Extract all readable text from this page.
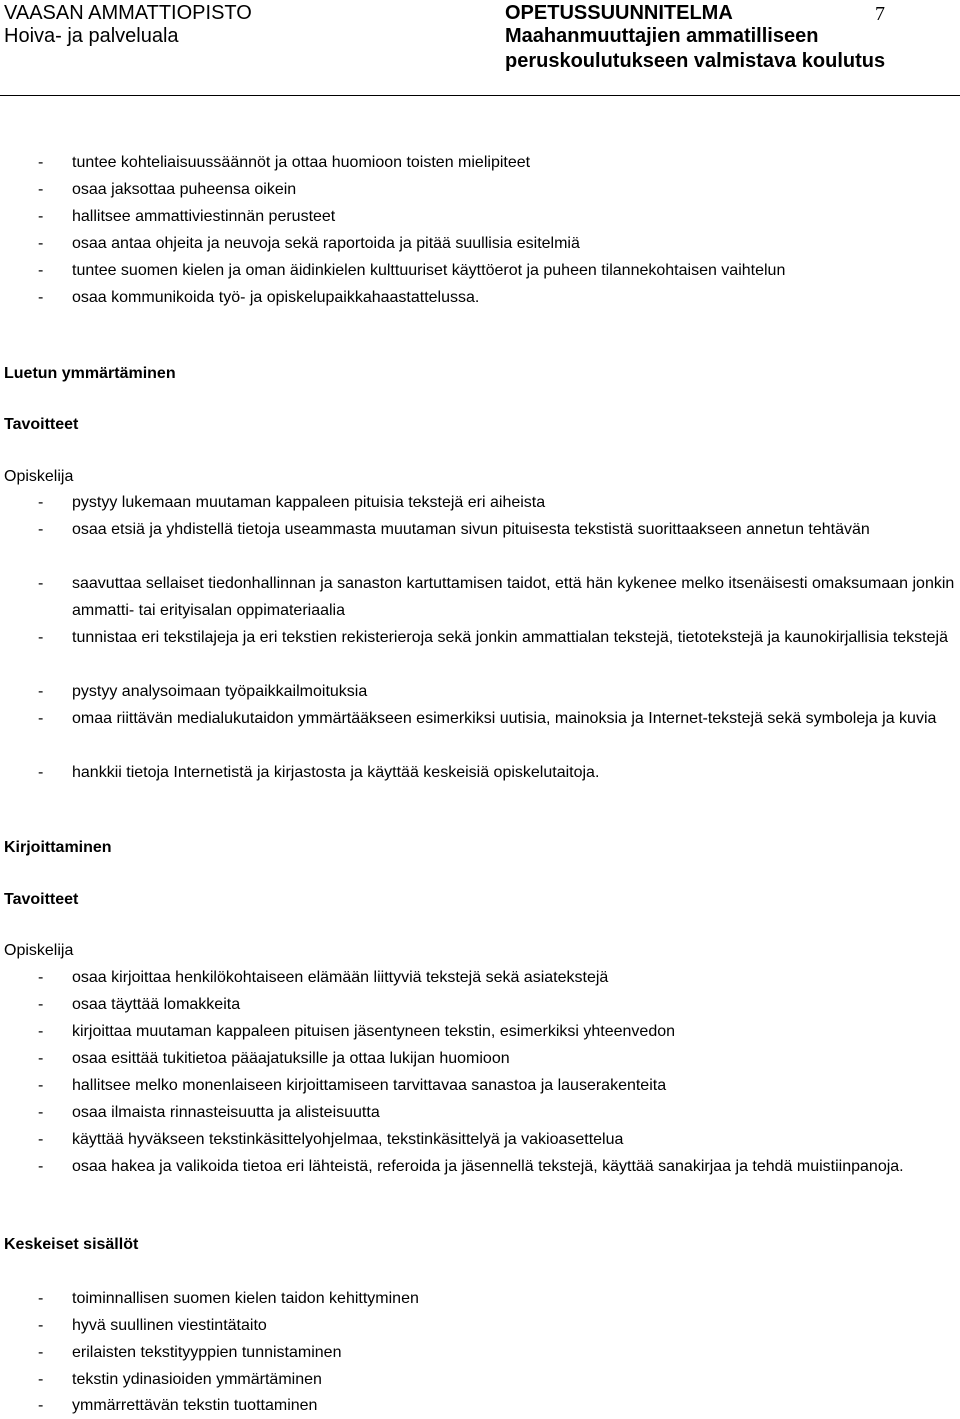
VAASAN AMMATTIOPISTO
Hoiva- ja palveluala
OPETUSSUUNNITELMA
Maahanmuuttajien ammatilliseen
peruskoulutukseen valmistava koulutus
7
- tuntee kohteliaisuussäännöt ja ottaa huomioon toisten mielipiteet
- osaa jaksottaa puheensa oikein
- hallitsee ammattiviestinnän perusteet
- osaa antaa ohjeita ja neuvoja sekä raportoida ja pitää suullisia esitelmiä
- tuntee suomen kielen ja oman äidinkielen kulttuuriset käyttöerot ja puheen tilannekohtaisen vaihtelun
- osaa kommunikoida työ- ja opiskelupaikkahaastattelussa.
Luetun ymmärtäminen
Tavoitteet
Opiskelija
- pystyy lukemaan muutaman kappaleen pituisia tekstejä eri aiheista
- osaa etsiä ja yhdistellä tietoja useammasta muutaman sivun pituisesta tekstistä suorittaakseen annetun tehtävän
- saavuttaa sellaiset tiedonhallinnan ja sanaston kartuttamisen taidot, että hän kykenee melko itsenäisesti omaksumaan jonkin ammatti- tai erityisalan oppimateriaalia
- tunnistaa eri tekstilajeja ja eri tekstien rekisterieroja sekä jonkin ammattialan tekstejä, tietotekstejä ja kaunokirjallisia tekstejä
- pystyy analysoimaan työpaikkailmoituksia
- omaa riittävän medialukutaidon ymmärtääkseen esimerkiksi uutisia, mainoksia ja Internet-tekstejä sekä symboleja ja kuvia
- hankkii tietoja Internetistä ja kirjastosta ja käyttää keskeisiä opiskelutaitoja.
Kirjoittaminen
Tavoitteet
Opiskelija
- osaa kirjoittaa henkilökohtaiseen elämään liittyviä tekstejä sekä asiatekstejä
- osaa täyttää lomakkeita
- kirjoittaa muutaman kappaleen pituisen jäsentyneen tekstin, esimerkiksi yhteenvedon
- osaa esittää tukitietoa pääajatuksille ja ottaa lukijan huomioon
- hallitsee melko monenlaiseen kirjoittamiseen tarvittavaa sanastoa ja lauserakenteita
- osaa ilmaista rinnasteisuutta ja alisteisuutta
- käyttää hyväkseen tekstinkäsittelyohjelmaa, tekstinkäsittelyä ja vakioasettelua
- osaa hakea ja valikoida tietoa eri lähteistä, referoida ja jäsennellä tekstejä, käyttää sanakirjaa ja tehdä muistiinpanoja.
Keskeiset sisällöt
- toiminnallisen suomen kielen taidon kehittyminen
- hyvä suullinen viestintätaito
- erilaisten tekstityyppien tunnistaminen
- tekstin ydinasioiden ymmärtäminen
- ymmärrettävän tekstin tuottaminen
